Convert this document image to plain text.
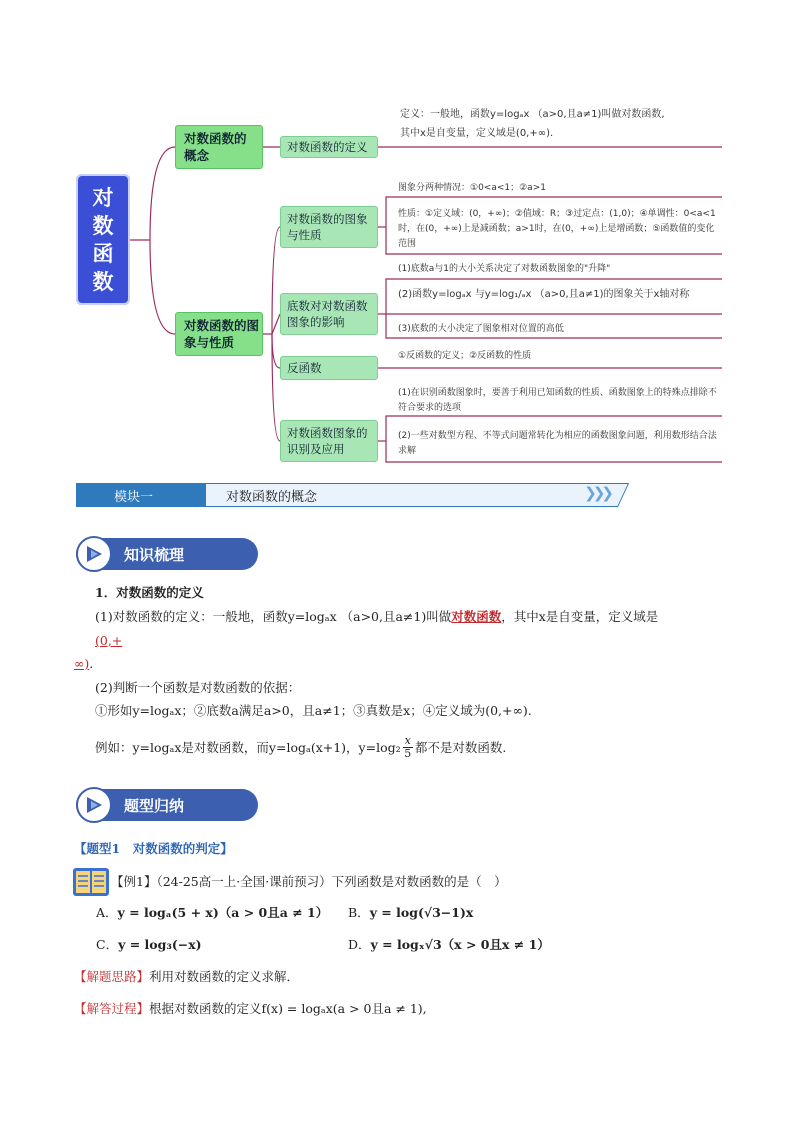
对
数
函
数
对数函数的概念
对数函数的定义
定义：一般地，函数y=logₐx （a>0,且a≠1)叫做对数函数,
其中x是自变量，定义域是(0,+∞).
对数函数的图象与性质
对数函数的图象与性质
底数对对数函数图象的影响
反函数
对数函数图象的识别及应用
图象分两种情况：①0<a<1；②a>1
性质：①定义域：(0，+∞)；②值域：R；③过定点：(1,0)；④单调性：0<a<1时，在(0，+∞)上是减函数；a>1时，在(0，+∞)上是增函数；⑤函数值的变化范围
(1)底数a与1的大小关系决定了对数函数图象的"升降"
(2)函数y=logₐx 与y=log₁/ₐx （a>0,且a≠1)的图象关于x轴对称
(3)底数的大小决定了图象相对位置的高低
①反函数的定义；②反函数的性质
(1)在识别函数图象时，要善于利用已知函数的性质、函数图象上的特殊点排除不符合要求的选项
(2)一些对数型方程、不等式问题常转化为相应的函数图象问题，利用数形结合法求解
模块一	对数函数的概念	❯❯❯
知识梳理
1．对数函数的定义
(1)对数函数的定义：一般地，函数y=logₐx （a>0,且a≠1)叫做对数函数，其中x是自变量，定义域是
(0,+
∞).
(2)判断一个函数是对数函数的依据：
①形如y=logₐx；②底数a满足a>0，且a≠1；③真数是x；④定义域为(0,+∞).
例如：y=logₐx是对数函数，而y=logₐ(x+1)，$y=\log_2 \frac{x}{5}$ 都不是对数函数.
题型归纳
【题型1　对数函数的判定】
【例1】（24-25高一上·全国·课前预习）下列函数是对数函数的是（　）
A．y = logₐ(5 + x)（a > 0且a ≠ 1） B．y = log(√3−1)x
C．y = log₃(−x)	D．y = logₓ√3（x > 0且x ≠ 1）
【解题思路】利用对数函数的定义求解．
【解答过程】根据对数函数的定义f(x) = logₐx(a > 0且a ≠ 1),
